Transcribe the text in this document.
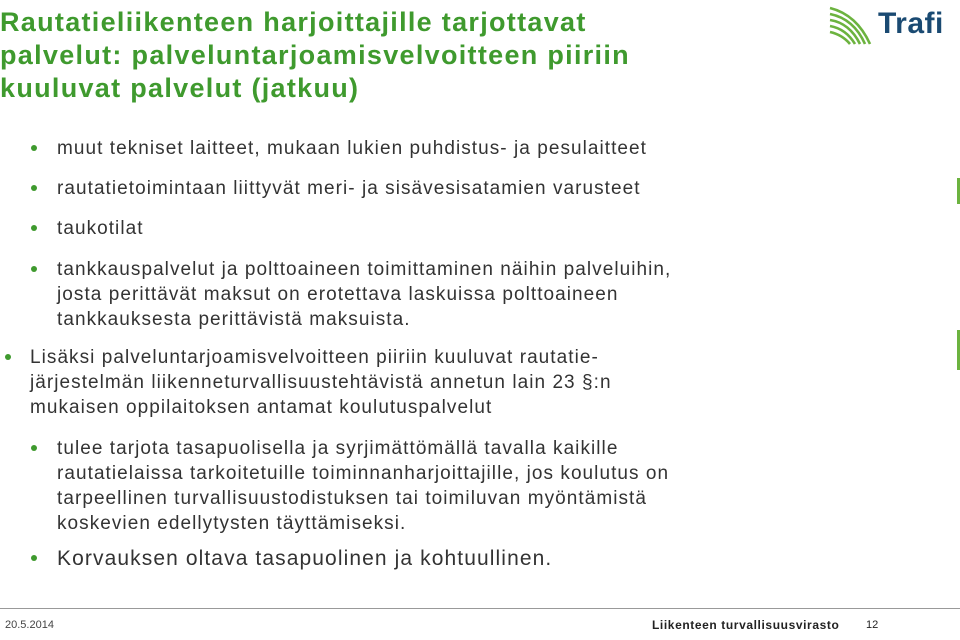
Rautatieliikenteen harjoittajille tarjottavat
palvelut: palveluntarjoamisvelvoitteen piiriin
kuuluvat palvelut (jatkuu)
Trafi
muut tekniset laitteet, mukaan lukien puhdistus- ja pesulaitteet
rautatietoimintaan liittyvät meri- ja sisävesisatamien varusteet
taukotilat
tankkauspalvelut ja polttoaineen toimittaminen näihin palveluihin,
josta perittävät maksut on erotettava laskuissa polttoaineen
tankkauksesta perittävistä maksuista.
Lisäksi palveluntarjoamisvelvoitteen piiriin kuuluvat rautatie-
järjestelmän liikenneturvallisuustehtävistä annetun lain 23 §:n
mukaisen oppilaitoksen antamat koulutuspalvelut
tulee tarjota tasapuolisella ja syrjimättömällä tavalla kaikille
rautatielaissa tarkoitetuille toiminnanharjoittajille, jos koulutus on
tarpeellinen turvallisuustodistuksen tai toimiluvan myöntämistä
koskevien edellytysten täyttämiseksi.
Korvauksen oltava tasapuolinen ja kohtuullinen.
20.5.2014	Liikenteen turvallisuusvirasto 12
